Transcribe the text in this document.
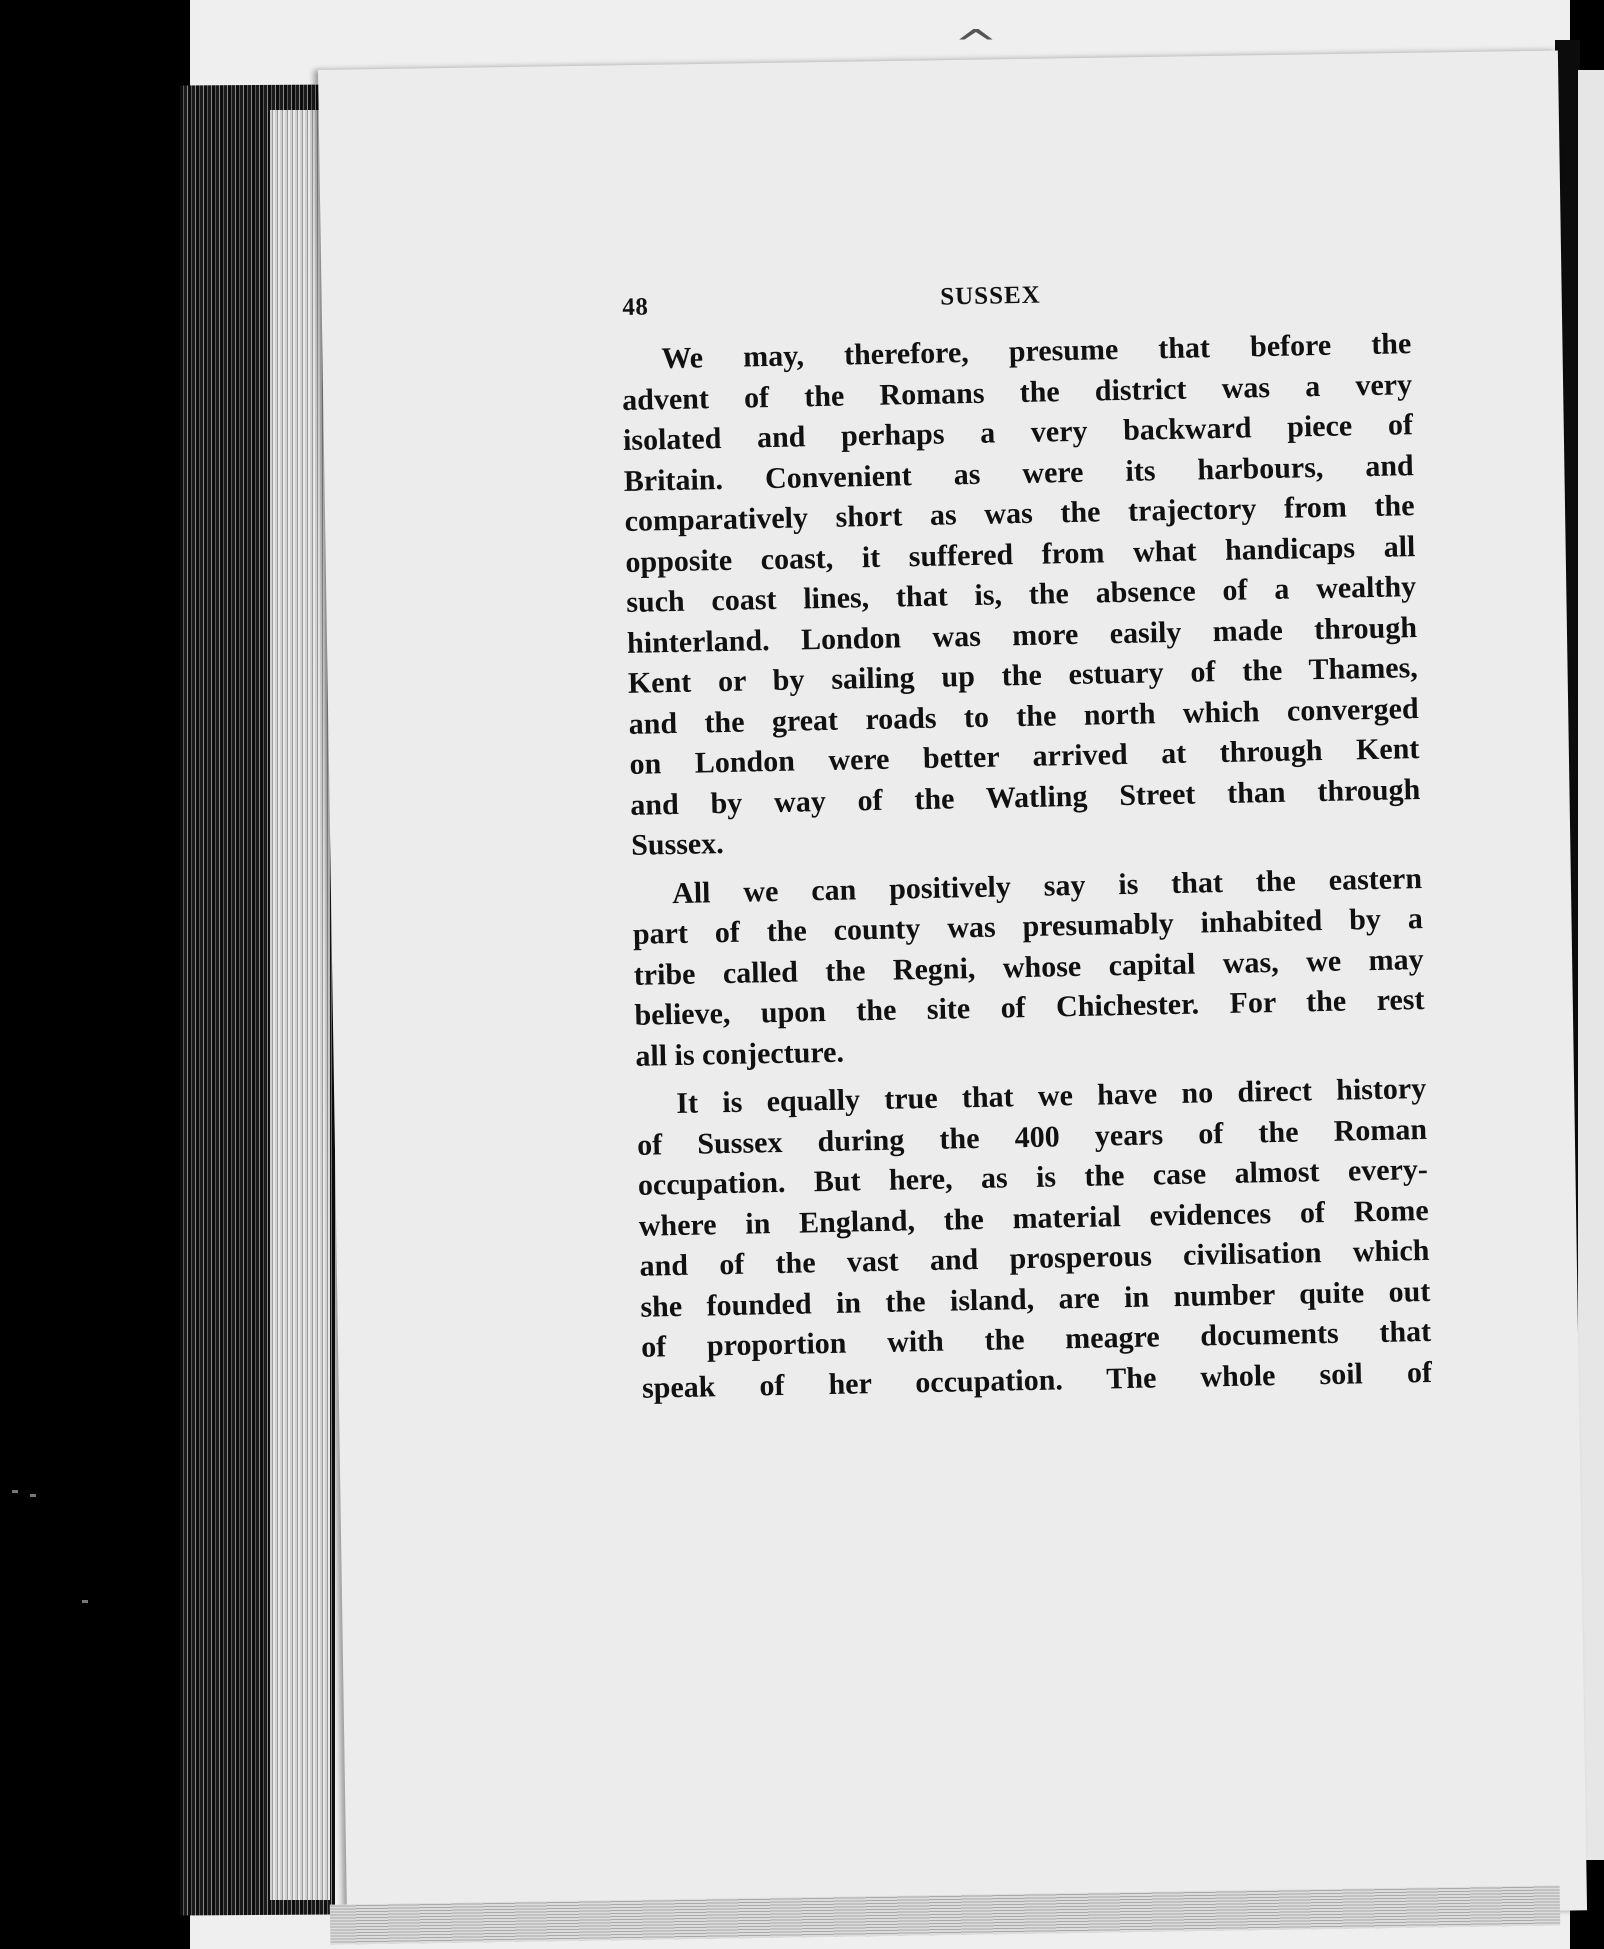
^
48	SUSSEX
We may, therefore, presume that before the
advent of the Romans the district was a very
isolated and perhaps a very backward piece of
Britain. Convenient as were its harbours, and
comparatively short as was the trajectory from the
opposite coast, it suffered from what handicaps all
such coast lines, that is, the absence of a wealthy
hinterland. London was more easily made through
Kent or by sailing up the estuary of the Thames,
and the great roads to the north which converged
on London were better arrived at through Kent
and by way of the Watling Street than through
Sussex.
All we can positively say is that the eastern
part of the county was presumably inhabited by a
tribe called the Regni, whose capital was, we may
believe, upon the site of Chichester. For the rest
all is conjecture.
It is equally true that we have no direct history
of Sussex during the 400 years of the Roman
occupation. But here, as is the case almost every-
where in England, the material evidences of Rome
and of the vast and prosperous civilisation which
she founded in the island, are in number quite out
of proportion with the meagre documents that
speak of her occupation. The whole soil of
